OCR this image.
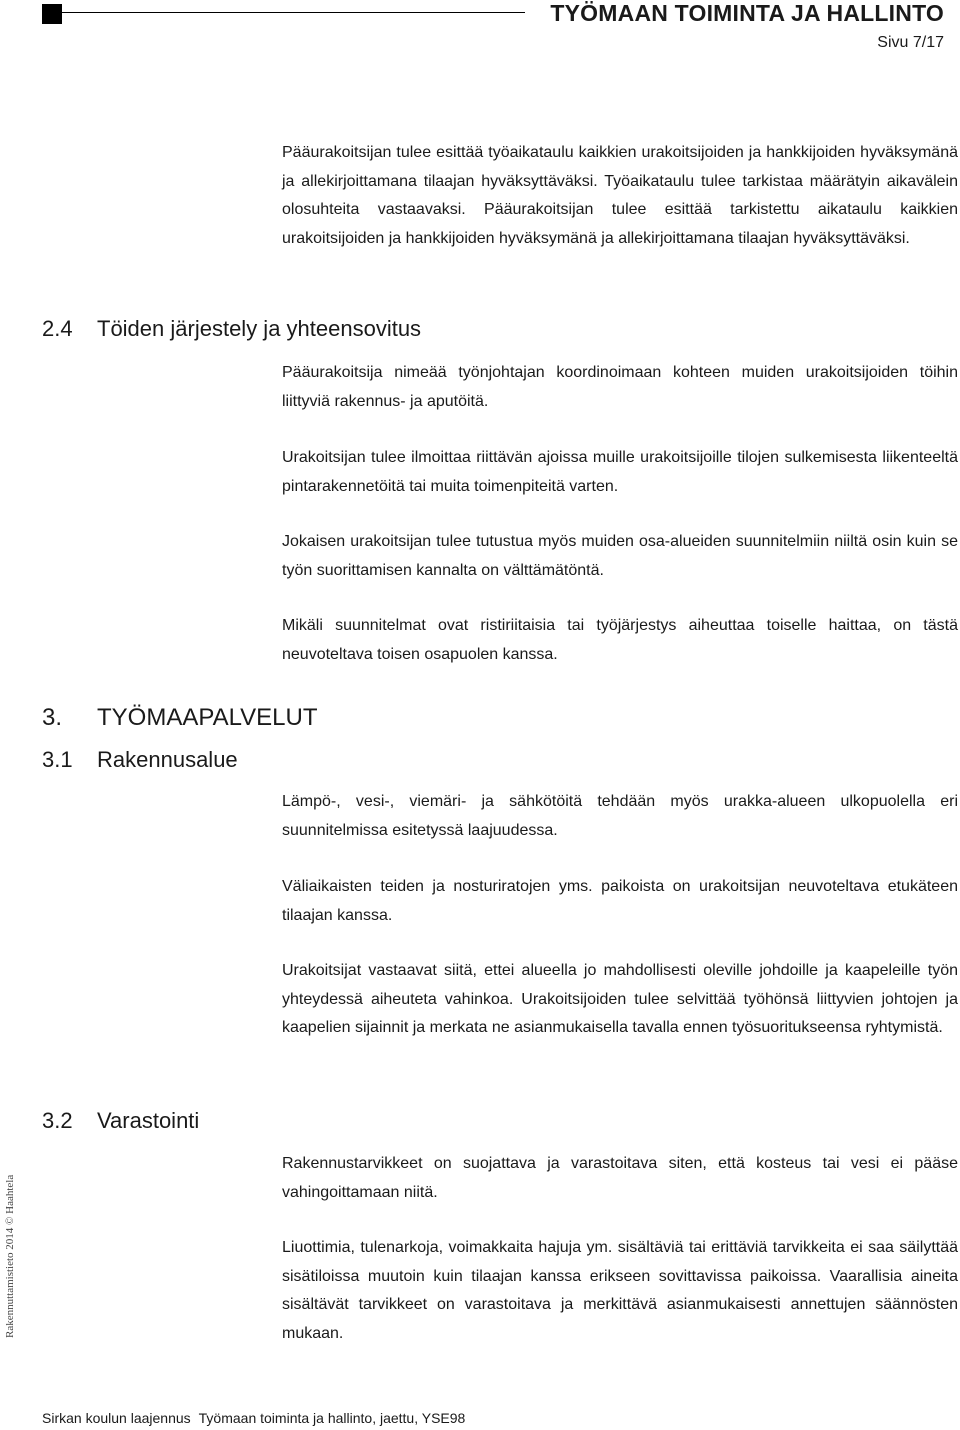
TYÖMAAN TOIMINTA JA HALLINTO
Sivu 7/17

Pääurakoitsijan tulee esittää työaikataulu kaikkien urakoitsijoiden ja hankkijoiden hyväksymänä ja allekirjoittamana tilaajan hyväksyttäväksi. Työaikataulu tulee tarkistaa määrätyin aikavälein olosuhteita vastaavaksi. Pääurakoitsijan tulee esittää tarkistettu aikataulu kaikkien urakoitsijoiden ja hankkijoiden hyväksymänä ja allekirjoittamana tilaajan hyväksyttäväksi.

2.4 Töiden järjestely ja yhteensovitus

Pääurakoitsija nimeää työnjohtajan koordinoimaan kohteen muiden urakoitsijoiden töihin liittyviä rakennus- ja aputöitä.

Urakoitsijan tulee ilmoittaa riittävän ajoissa muille urakoitsijoille tilojen sulkemisesta liikenteeltä pintarakennetöitä tai muita toimenpiteitä varten.

Jokaisen urakoitsijan tulee tutustua myös muiden osa-alueiden suunnitelmiin niiltä osin kuin se työn suorittamisen kannalta on välttämätöntä.

Mikäli suunnitelmat ovat ristiriitaisia tai työjärjestys aiheuttaa toiselle haittaa, on tästä neuvoteltava toisen osapuolen kanssa.

3. TYÖMAAPALVELUT
3.1 Rakennusalue

Lämpö-, vesi-, viemäri- ja sähkötöitä tehdään myös urakka-alueen ulkopuolella eri suunnitelmissa esitetyssä laajuudessa.

Väliaikaisten teiden ja nosturiratojen yms. paikoista on urakoitsijan neuvoteltava etukäteen tilaajan kanssa.

Urakoitsijat vastaavat siitä, ettei alueella jo mahdollisesti oleville johdoille ja kaapeleille työn yhteydessä aiheuteta vahinkoa. Urakoitsijoiden tulee selvittää työhönsä liittyvien johtojen ja kaapelien sijainnit ja merkata ne asianmukaisella tavalla ennen työsuoritukseensa ryhtymistä.

3.2 Varastointi

Rakennustarvikkeet on suojattava ja varastoitava siten, että kosteus tai vesi ei pääse vahingoittamaan niitä.

Liuottimia, tulenarkoja, voimakkaita hajuja ym. sisältäviä tai erittäviä tarvikkeita ei saa säilyttää sisätiloissa muutoin kuin tilaajan kanssa erikseen sovittavissa paikoissa. Vaarallisia aineita sisältävät tarvikkeet on varastoitava ja merkittävä asianmukaisesti annettujen säännösten mukaan.

Rakennuttamistieto 2014 © Haahtela
Sirkan koulun laajennus Työmaan toiminta ja hallinto, jaettu, YSE98
